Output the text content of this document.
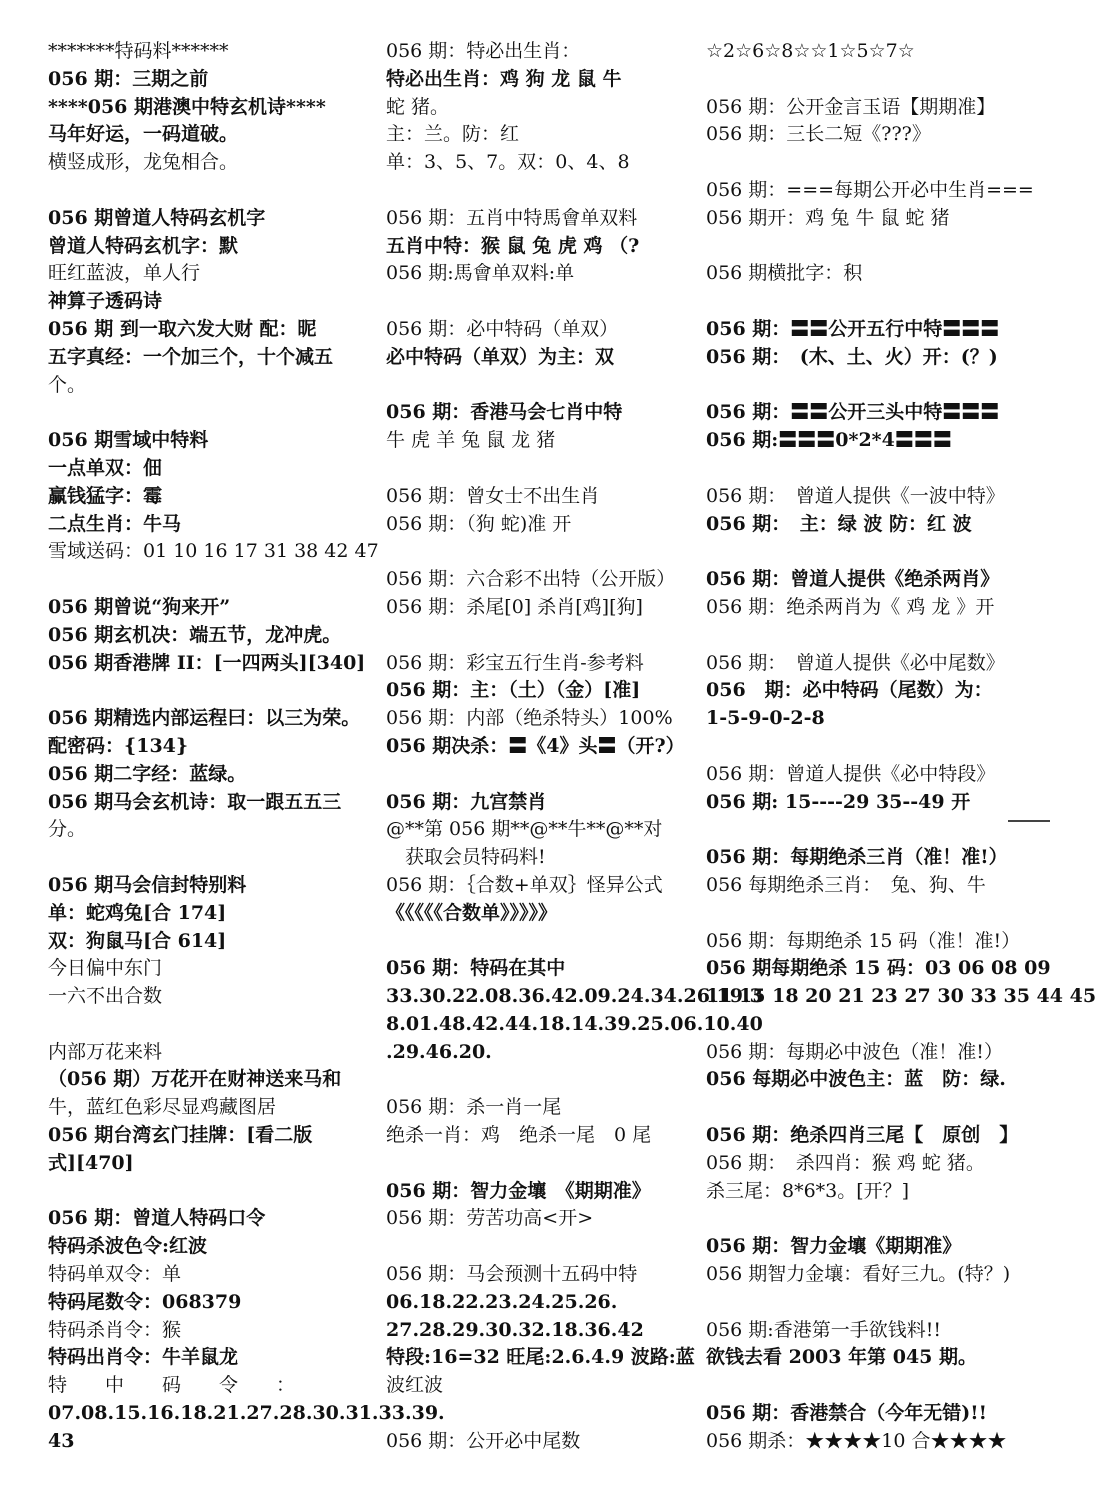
*******特码料******
056 期：三期之前
****056 期港澳中特玄机诗****
马年好运，一码道破。
横竖成形，龙兔相合。
056 期曾道人特码玄机字
曾道人特码玄机字：默
旺红蓝波，单人行
神算子透码诗
056 期 到一取六发大财 配：昵
五字真经：一个加三个，十个减五
个。
056 期雪域中特料
一点单双：佃
赢钱猛字：霉
二点生肖：牛马
雪域送码：01 10 16 17 31 38 42 47
056 期曾说“狗来开”
056 期玄机决：端五节，龙冲虎。
056 期香港牌 II：[一四两头][340]
056 期精选内部运程曰：以三为荣。
配密码：{134}
056 期二字经：蓝绿。
056 期马会玄机诗：取一跟五五三
分。
056 期马会信封特别料
单：蛇鸡兔[合 174]
双：狗鼠马[合 614]
今日偏中东门
一六不出合数
内部万花来料
（056 期）万花开在财神送来马和
牛，蓝红色彩尽显鸡藏图居
056 期台湾玄门挂牌：[看二版
式][470]
056 期：曾道人特码口令
特码杀波色令:红波
特码单双令：单
特码尾数令：068379
特码杀肖令：猴
特码出肖令：牛羊鼠龙
特　　中　　码　　令　　：
07.08.15.16.18.21.27.28.30.31.33.39.
43
056 期：特必出生肖：
特必出生肖：鸡 狗 龙 鼠 牛
蛇 猪。
主：兰。防：红
单：3、5、7。双：0、4、8
056 期：五肖中特馬會单双料
五肖中特：猴 鼠 兔 虎 鸡 （?
056 期:馬會单双料:单
056 期：必中特码（单双）
必中特码（单双）为主：双
056 期：香港马会七肖中特
牛 虎 羊 兔 鼠 龙 猪
056 期：曾女士不出生肖
056 期：（狗 蛇)准 开
056 期：六合彩不出特（公开版）
056 期：杀尾[0] 杀肖[鸡][狗]
056 期：彩宝五行生肖-参考料
056 期：主：（土）（金）[准]
056 期：内部（绝杀特头）100%
056 期决杀：〓《4》头〓（开?）
056 期：九宫禁肖
@**第 056 期**@**牛**@**对
　获取会员特码料!
056 期：｛合数+单双｝怪异公式
《《《《《合数单》》》》》
056 期：特码在其中
33.30.22.08.36.42.09.24.34.26.19.3
8.01.48.42.44.18.14.39.25.06.10.40
.29.46.20.
056 期：杀一肖一尾
绝杀一肖：鸡　绝杀一尾　0 尾
056 期：智力金壤　《期期准》
056 期：劳苦功高<开>
056 期：马会预测十五码中特
06.18.22.23.24.25.26.
27.28.29.30.32.18.36.42
特段:16=32 旺尾:2.6.4.9 波路:蓝
波红波
056 期：公开必中尾数
☆2☆6☆8☆☆1☆5☆7☆
056 期：公开金言玉语【期期准】
056 期：三长二短《???》
056 期：===每期公开必中生肖===
056 期开：鸡 兔 牛 鼠 蛇 猪
056 期横批字：积
056 期：〓〓公开五行中特〓〓〓
056 期：　(木、土、火）开：(？)
056 期：〓〓公开三头中特〓〓〓
056 期:〓〓〓0*2*4〓〓〓
056 期：　曾道人提供《一波中特》
056 期：　主：绿 波 防：红 波
056 期：曾道人提供《绝杀两肖》
056 期：绝杀两肖为《 鸡 龙 》开
056 期：　曾道人提供《必中尾数》
056　期：必中特码（尾数）为：
1-5-9-0-2-8
056 期：曾道人提供《必中特段》
056 期: 15----29 35--49 开
056 期：每期绝杀三肖（准！准!）
056 每期绝杀三肖：　兔、狗、牛
056 期：每期绝杀 15 码（准！准!）
056 期每期绝杀 15 码：03 06 08 09
11 15 18 20 21 23 27 30 33 35 44 45
056 期：每期必中波色（准！准!）
056 每期必中波色主：蓝　防：绿.
056 期：绝杀四肖三尾【　原创　】
056 期：　杀四肖：猴 鸡 蛇 猪。
杀三尾：8*6*3。[开？]
056 期：智力金壤《期期准》
056 期智力金壤：看好三九。(特？)
056 期:香港第一手欲钱料!!
欲钱去看 2003 年第 045 期。
056 期：香港禁合（今年无错)!!
056 期杀：★★★★10 合★★★★
